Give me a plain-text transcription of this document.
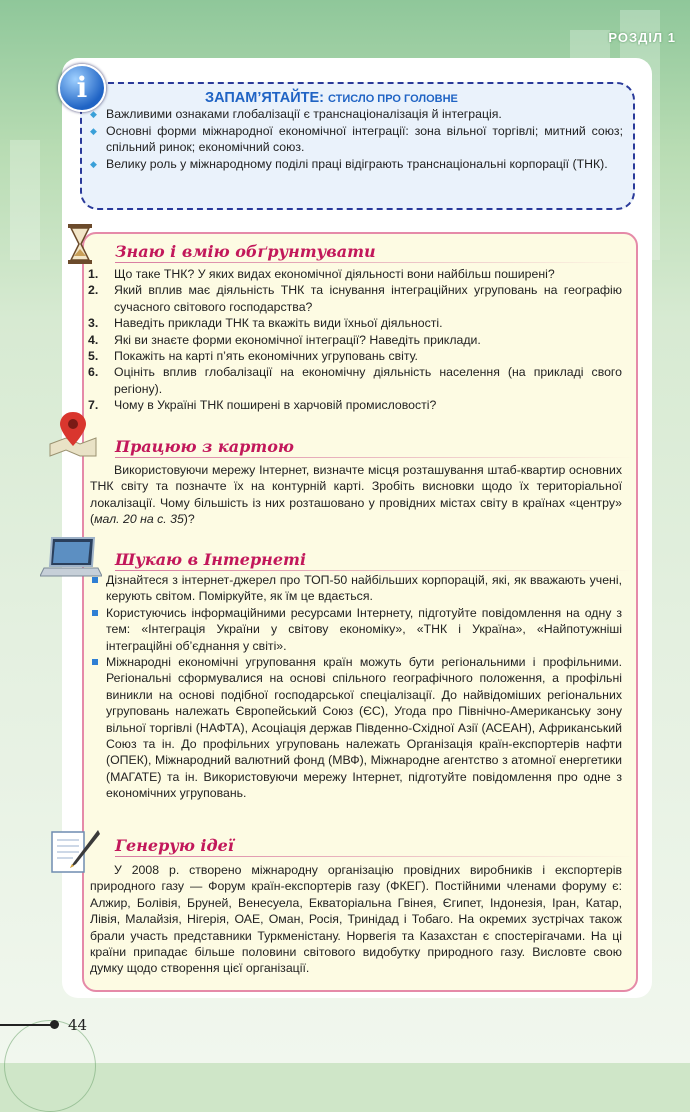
РОЗДІЛ 1
i	ЗАПАМ’ЯТАЙТЕ: СТИСЛО ПРО ГОЛОВНЕ
◆ Важливими ознаками глобалізації є транснаціоналізація й інтеграція.
◆ Основні форми міжнародної економічної інтеграції: зона вільної торгівлі; митний союз; спільний ринок; економічний союз.
◆ Велику роль у міжнародному поділі праці відіграють транснаціональні корпорації (ТНК).
Знаю і вмію обґрунтувати
1.	Що таке ТНК? У яких видах економічної діяльності вони найбільш поширені?
2.	Який вплив має діяльність ТНК та існування інтеграційних угруповань на географію сучасного світового господарства?
3.	Наведіть приклади ТНК та вкажіть види їхньої діяльності.
4.	Які ви знаєте форми економічної інтеграції? Наведіть приклади.
5.	Покажіть на карті п’ять економічних угруповань світу.
6.	Оцініть вплив глобалізації на економічну діяльність населення (на прикладі свого регіону).
7.	Чому в Україні ТНК поширені в харчовій промисловості?
Працюю з картою
Використовуючи мережу Інтернет, визначте місця розташування штаб-квартир основних ТНК світу та позначте їх на контурній карті. Зробіть висновки щодо їх територіальної локалізації. Чому більшість із них розташовано у провідних містах світу в країнах «центру» (мал. 20 на с. 35)?
Шукаю в Інтернеті
Дізнайтеся з інтернет-джерел про ТОП-50 найбільших корпорацій, які, як вважають учені, керують світом. Поміркуйте, як їм це вдається.
Користуючись інформаційними ресурсами Інтернету, підготуйте повідомлення на одну з тем: «Інтеграція України у світову економіку», «ТНК і Україна», «Найпотужніші інтеграційні об’єднання у світі».
Міжнародні економічні угруповання країн можуть бути регіональними і профільними. Регіональні сформувалися на основі спільного географічного положення, а профільні виникли на основі подібної господарської спеціалізації. До найвідоміших регіональних угруповань належать Європейський Союз (ЄС), Угода про Північно-Американську зону вільної торгівлі (НАФТА), Асоціація держав Південно-Східної Азії (АСЕАН), Африканський Союз та ін. До профільних угруповань належать Організація країн-експортерів нафти (ОПЕК), Міжнародний валютний фонд (МВФ), Міжнародне агентство з атомної енергетики (МАГАТЕ) та ін. Використовуючи мережу Інтернет, підготуйте повідомлення про одне з економічних угруповань.
Генерую ідеї
У 2008 р. створено міжнародну організацію провідних виробників і експортерів природного газу — Форум країн-експортерів газу (ФКЕГ). Постійними членами форуму є: Алжир, Болівія, Бруней, Венесуела, Екваторіальна Гвінея, Єгипет, Індонезія, Іран, Катар, Лівія, Малайзія, Нігерія, ОАЕ, Оман, Росія, Тринідад і Тобаго. На окремих зустрічах також брали участь представники Туркменістану. Норвегія та Казахстан є спостерігачами. На ці країни припадає більше половини світового видобутку природного газу. Висловте свою думку щодо створення цієї організації.
44
